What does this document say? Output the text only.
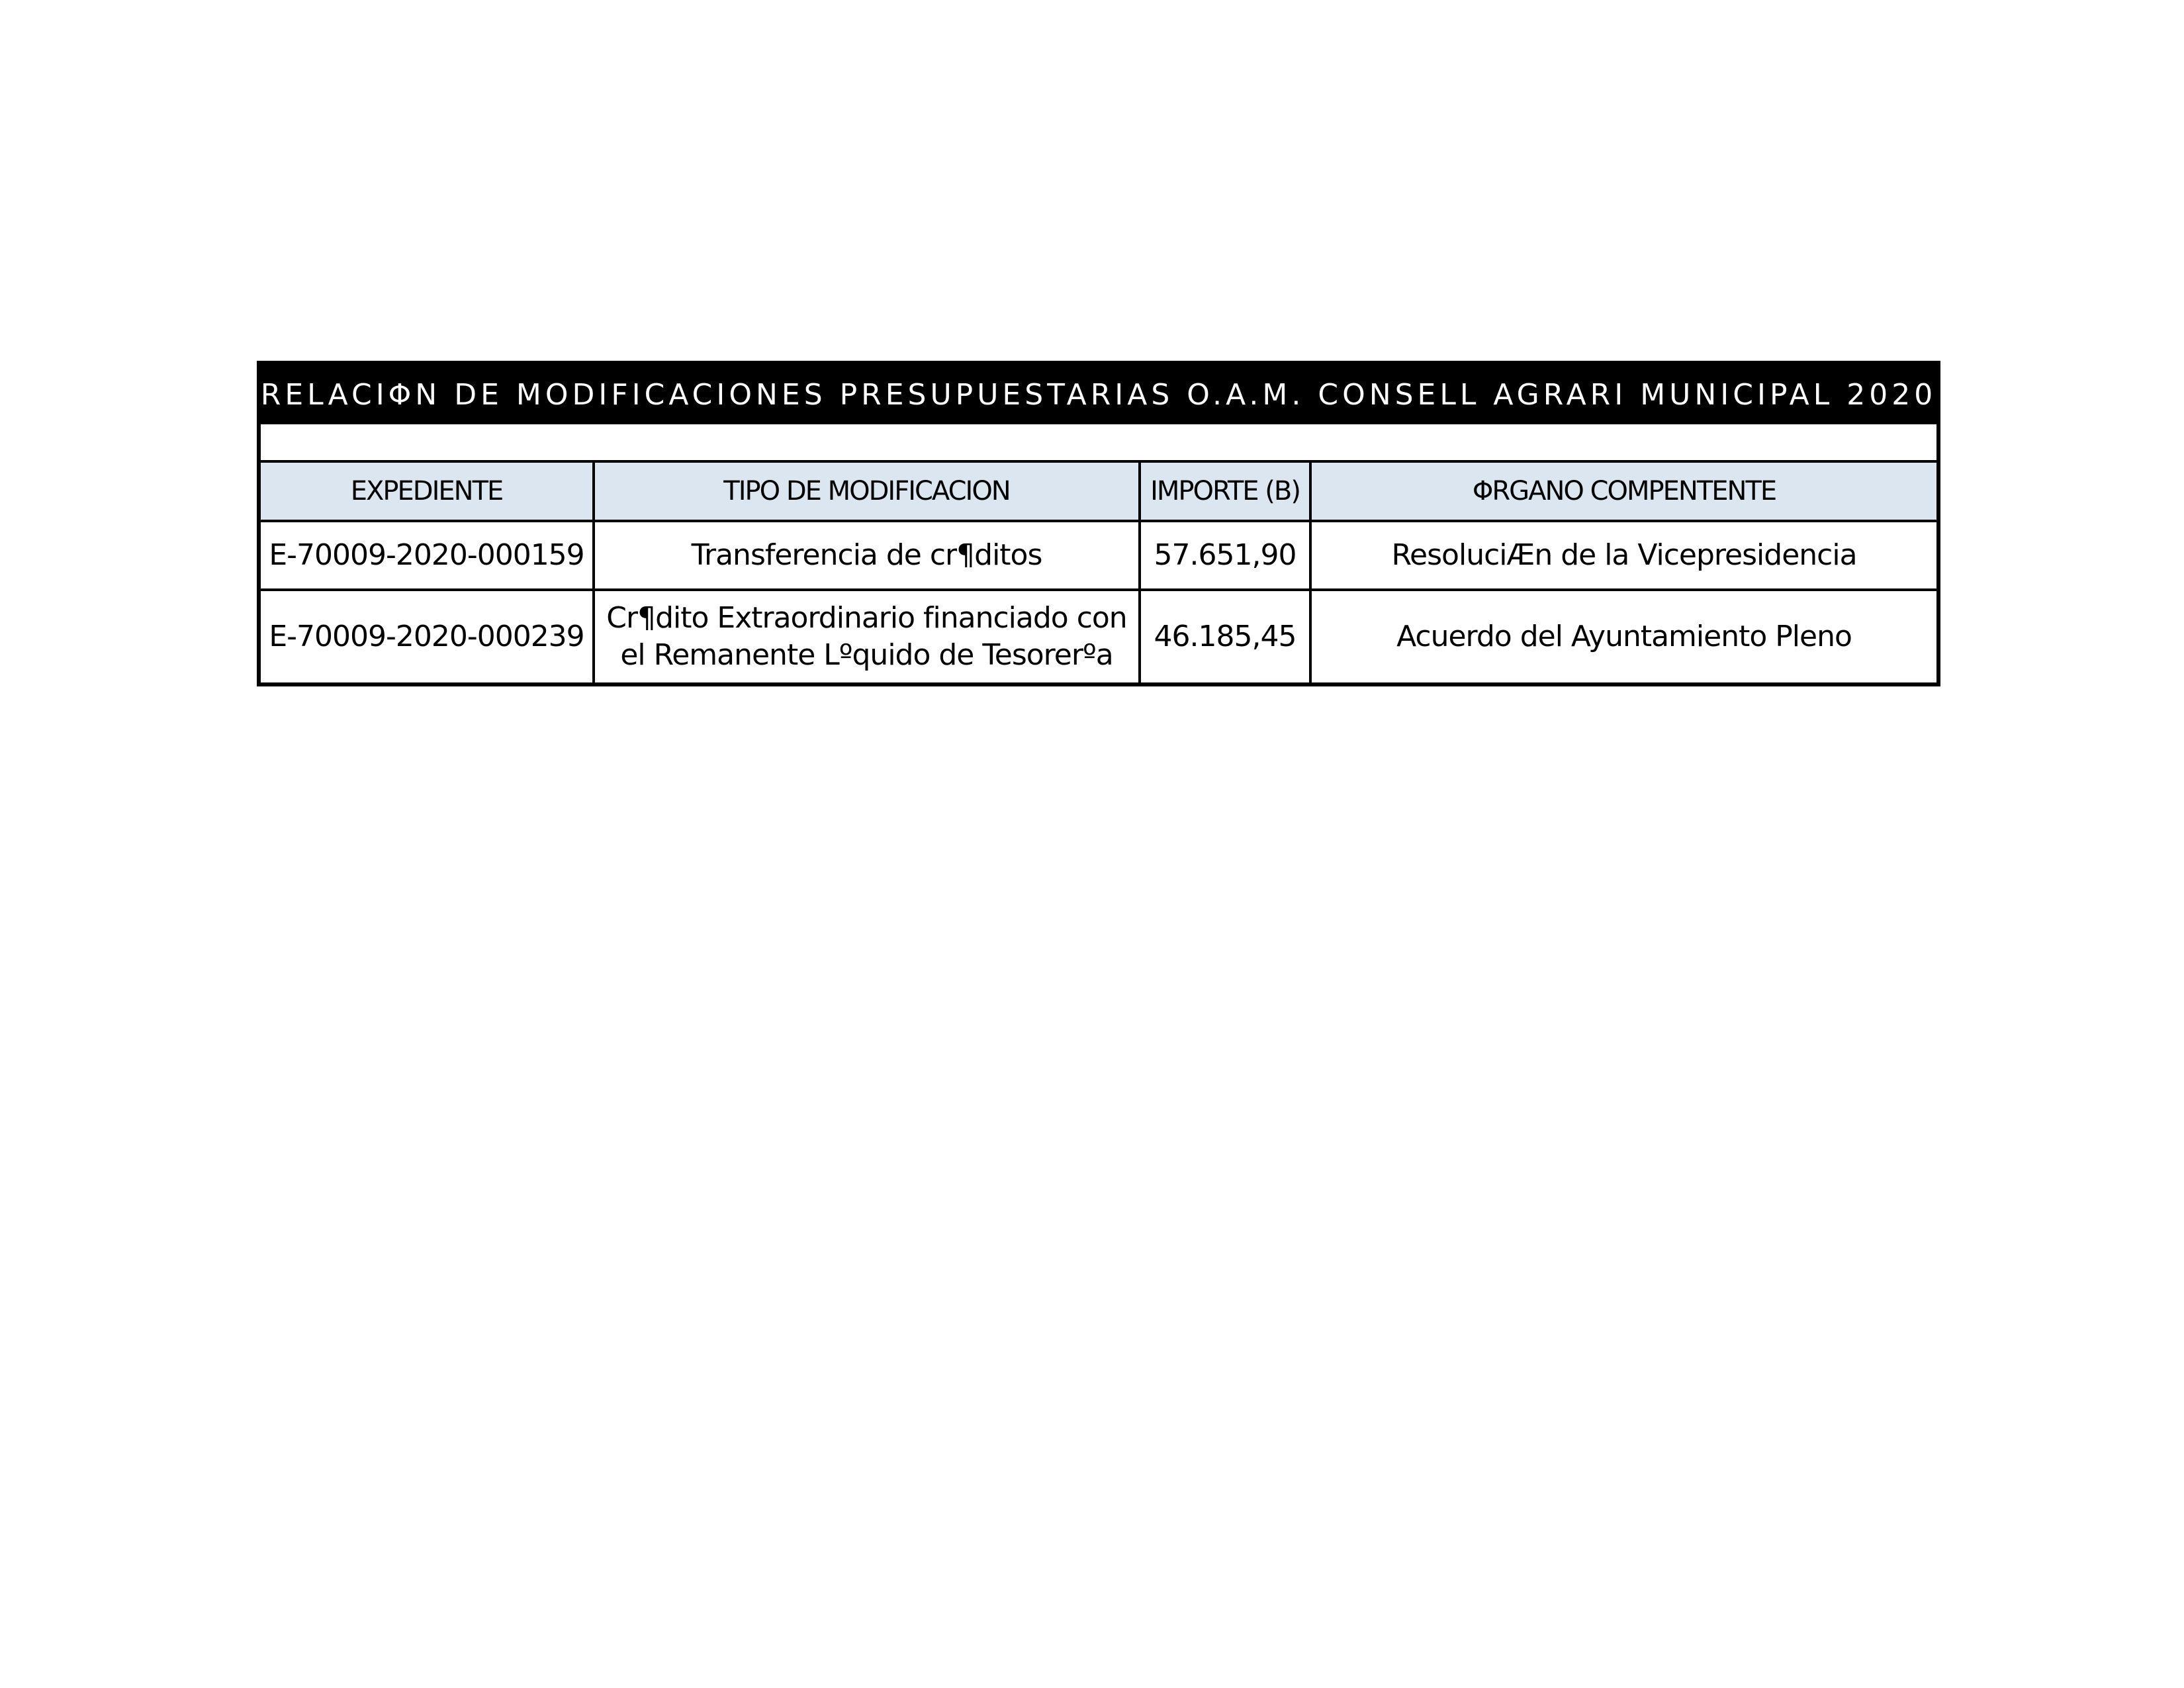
RELACIΦN DE MODIFICACIONES PRESUPUESTARIAS O.A.M. CONSELL AGRARI MUNICIPAL 2020
EXPEDIENTE	TIPO DE MODIFICACION	IMPORTE (B)	ΦRGANO COMPENTENTE
E-70009-2020-000159	Transferencia de cr¶ditos	57.651,90	ResoluciÆn de la Vicepresidencia
E-70009-2020-000239	Cr¶dito Extraordinario financiado con el Remanente Lºquido de Tesorerºa	46.185,45	Acuerdo del Ayuntamiento Pleno
